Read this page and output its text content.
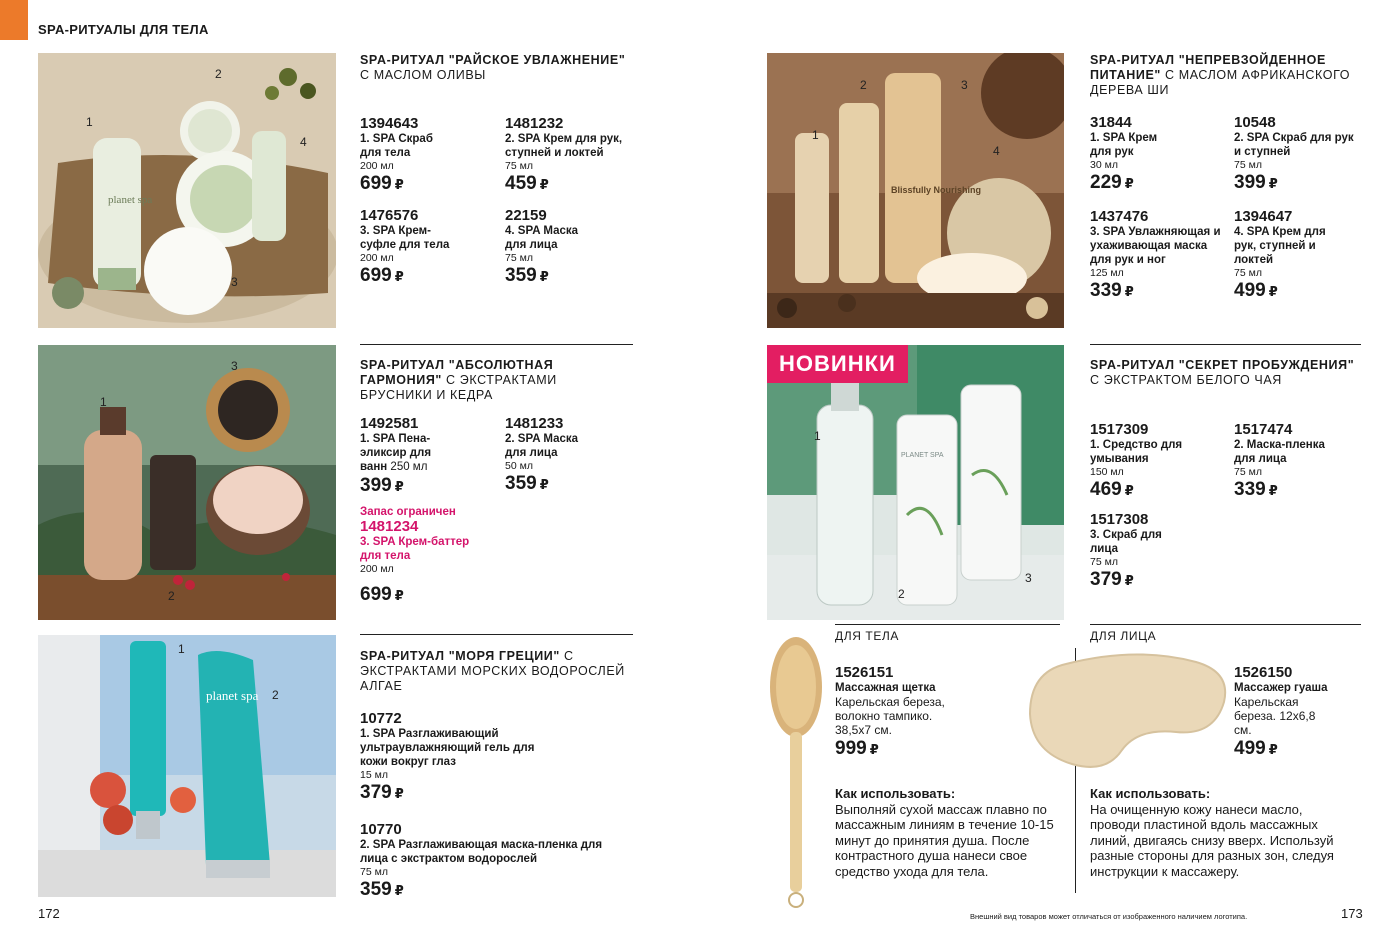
SPA-РИТУАЛЫ ДЛЯ ТЕЛА
planet spa
1
2
3
4
SPA-РИТУАЛ "РАЙСКОЕ УВЛАЖНЕНИЕ" С МАСЛОМ ОЛИВЫ
1394643
1. SPA Скраб для тела
200 мл
699 ₽
1481232
2. SPA Крем для рук, ступней и локтей
75 мл
459 ₽
1476576
3. SPA Крем-суфле для тела
200 мл
699 ₽
22159
4. SPA Маска для лица
75 мл
359 ₽
1
2
3	SPA-РИТУАЛ "АБСОЛЮТНАЯ ГАРМОНИЯ" С ЭКСТРАКТАМИ БРУСНИКИ И КЕДРА
1492581
1. SPA Пена-эликсир для ванн 250 мл
399 ₽
1481233
2. SPA Маска для лица
50 мл
359 ₽
Запас ограничен
1481234
3. SPA Крем-баттер для тела
200 мл
699 ₽
planet spa
1
2
SPA-РИТУАЛ "МОРЯ ГРЕЦИИ" С ЭКСТРАКТАМИ МОРСКИХ ВОДОРОСЛЕЙ АЛГАЕ
10772
1. SPA Разглаживающий ультраувлажняющий гель для кожи вокруг глаз
15 мл
379 ₽
10770
2. SPA Разглаживающая маска-пленка для лица с экстрактом водорослей
75 мл
359 ₽
172
Blissfully Nourishing
1
2	3
4
SPA-РИТУАЛ "НЕПРЕВЗОЙДЕННОЕ ПИТАНИЕ" С МАСЛОМ АФРИКАНСКОГО ДЕРЕВА ШИ
31844
1. SPA Крем для рук
30 мл
229 ₽
10548
2. SPA Скраб для рук и ступней
75 мл
399 ₽
1437476
3. SPA Увлажняющая и ухаживающая маска для рук и ног
125 мл
339 ₽
1394647
4. SPA Крем для рук, ступней и локтей
75 мл
499 ₽
PLANET SPA
НОВИНКИ
1
2
3
SPA-РИТУАЛ "СЕКРЕТ ПРОБУЖДЕНИЯ" С ЭКСТРАКТОМ БЕЛОГО ЧАЯ
1517309
1. Средство для умывания
150 мл
469 ₽
1517474
2. Маска-пленка для лица
75 мл
339 ₽
1517308
3. Скраб для лица
75 мл
379 ₽
ДЛЯ ТЕЛА	ДЛЯ ЛИЦА
1526151
Массажная щетка
Карельская береза, волокно тампико. 38,5х7 см.
999 ₽
Как использовать:
Выполняй сухой массаж плавно по массажным линиям в течение 10-15 минут до принятия душа. После контрастного душа нанеси свое средство ухода для тела.
1526150
Массажер гуаша
Карельская береза. 12х6,8 см.
499 ₽
Как использовать:
На очищенную кожу нанеси масло, проводи пластиной вдоль массажных линий, двигаясь снизу вверх. Используй разные стороны для разных зон, следуя инструкции к массажеру.
Внешний вид товаров может отличаться от изображенного наличием логотипа.	173
